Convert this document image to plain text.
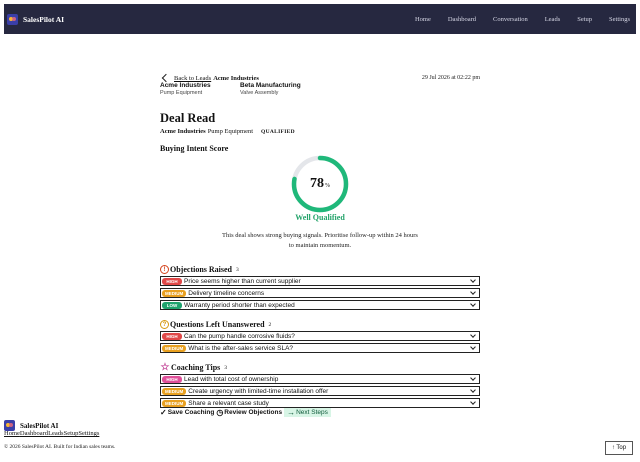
SalesPilot AI	Home	Dashboard	Conversation	Leads	Setup	Settings
Back to Leads Acme Industries	29 Jul 2026 at 02:22 pm
Acme Industries
Pump Equipment
Beta Manufacturing
Valve Assembly
Deal Read
Acme Industries Pump Equipment QUALIFIED
Buying Intent Score
78%
Well Qualified
This deal shows strong buying signals. Prioritise follow-up within 24 hours to maintain momentum.
! Objections Raised 3
HIGH Price seems higher than current supplier
MEDIUM Delivery timeline concerns
LOW	Warranty period shorter than expected
? Questions Left Unanswered 2
HIGH Can the pump handle corrosive fluids?
MEDIUM What is the after-sales service SLA?
☆ Coaching Tips 3
HIGH Lead with total cost of ownership
MEDIUM Create urgency with limited-time installation offer
MEDIUM Share a relevant case study
✓ Save Coaching ◷ Review Objections → Next Steps
SalesPilot AI
Home Dashboard Leads Setup Settings
© 2026 SalesPilot AI. Built for Indian sales teams.	↑ Top
